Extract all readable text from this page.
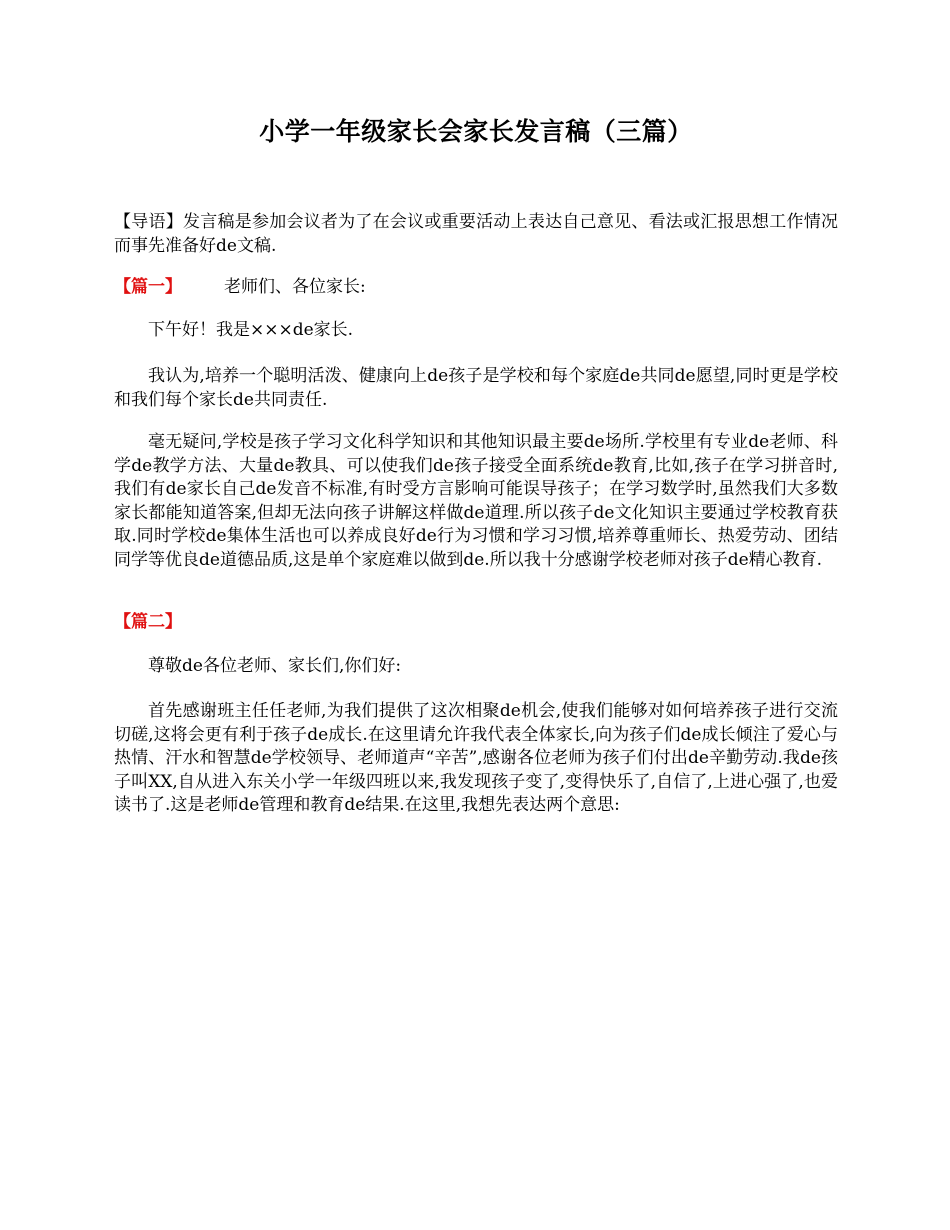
小学一年级家长会家长发言稿（三篇）

【导语】发言稿是参加会议者为了在会议或重要活动上表达自己意见、看法或汇报思想工作情况而事先准备好de文稿.

【篇一】 老师们、各位家长:

下午好！我是×××de家长.

我认为,培养一个聪明活泼、健康向上de孩子是学校和每个家庭de共同de愿望,同时更是学校和我们每个家长de共同责任.

毫无疑问,学校是孩子学习文化科学知识和其他知识最主要de场所.学校里有专业de老师、科学de教学方法、大量de教具、可以使我们de孩子接受全面系统de教育,比如,孩子在学习拼音时,我们有de家长自己de发音不标准,有时受方言影响可能误导孩子；在学习数学时,虽然我们大多数家长都能知道答案,但却无法向孩子讲解这样做de道理.所以孩子de文化知识主要通过学校教育获取.同时学校de集体生活也可以养成良好de行为习惯和学习习惯,培养尊重师长、热爱劳动、团结同学等优良de道德品质,这是单个家庭难以做到de.所以我十分感谢学校老师对孩子de精心教育.

【篇二】

尊敬de各位老师、家长们,你们好:

首先感谢班主任任老师,为我们提供了这次相聚de机会,使我们能够对如何培养孩子进行交流切磋,这将会更有利于孩子de成长.在这里请允许我代表全体家长,向为孩子们de成长倾注了爱心与热情、汗水和智慧de学校领导、老师道声“辛苦”,感谢各位老师为孩子们付出de辛勤劳动.我de孩子叫XX,自从进入东关小学一年级四班以来,我发现孩子变了,变得快乐了,自信了,上进心强了,也爱读书了.这是老师de管理和教育de结果.在这里,我想先表达两个意思:
